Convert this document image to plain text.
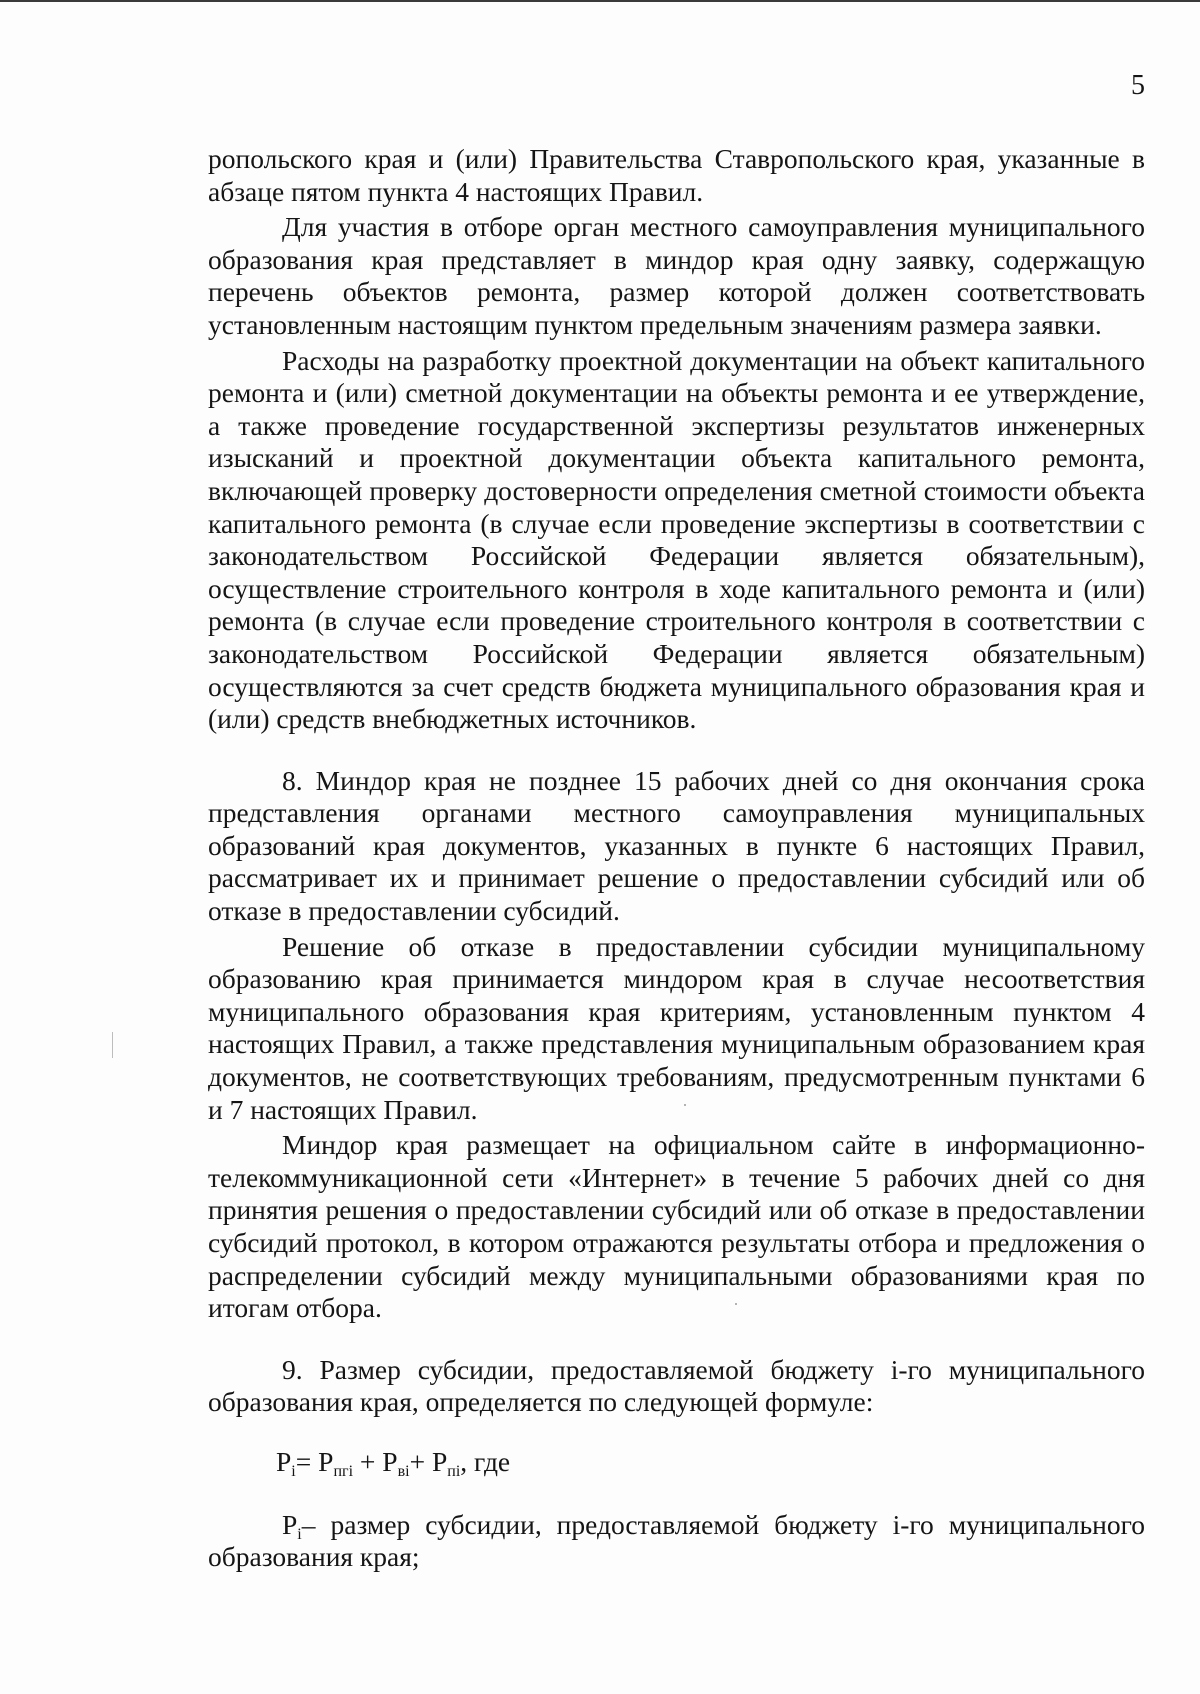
5

ропольского края и (или) Правительства Ставропольского края, указанные в абзаце пятом пункта 4 настоящих Правил.

Для участия в отборе орган местного самоуправления муниципального образования края представляет в миндор края одну заявку, содержащую перечень объектов ремонта, размер которой должен соответствовать установленным настоящим пунктом предельным значениям размера заявки.

Расходы на разработку проектной документации на объект капитального ремонта и (или) сметной документации на объекты ремонта и ее утверждение, а также проведение государственной экспертизы результатов инженерных изысканий и проектной документации объекта капитального ремонта, включающей проверку достоверности определения сметной стоимости объекта капитального ремонта (в случае если проведение экспертизы в соответствии с законодательством Российской Федерации является обязательным), осуществление строительного контроля в ходе капитального ремонта и (или) ремонта (в случае если проведение строительного контроля в соответствии с законодательством Российской Федерации является обязательным) осуществляются за счет средств бюджета муниципального образования края и (или) средств внебюджетных источников.

8. Миндор края не позднее 15 рабочих дней со дня окончания срока представления органами местного самоуправления муниципальных образований края документов, указанных в пункте 6 настоящих Правил, рассматривает их и принимает решение о предоставлении субсидий или об отказе в предоставлении субсидий.

Решение об отказе в предоставлении субсидии муниципальному образованию края принимается миндором края в случае несоответствия муниципального образования края критериям, установленным пунктом 4 настоящих Правил, а также представления муниципальным образованием края документов, не соответствующих требованиям, предусмотренным пунктами 6 и 7 настоящих Правил.

Миндор края размещает на официальном сайте в информационно-телекоммуникационной сети «Интернет» в течение 5 рабочих дней со дня принятия решения о предоставлении субсидий или об отказе в предоставлении субсидий протокол, в котором отражаются результаты отбора и предложения о распределении субсидий между муниципальными образованиями края по итогам отбора.

9. Размер субсидии, предоставляемой бюджету i-го муниципального образования края, определяется по следующей формуле:

$P_i= P_{пгi} + P_{вi}+ P_{пi}$, где

$P_i-$ размер субсидии, предоставляемой бюджету i-го муниципального образования края;
